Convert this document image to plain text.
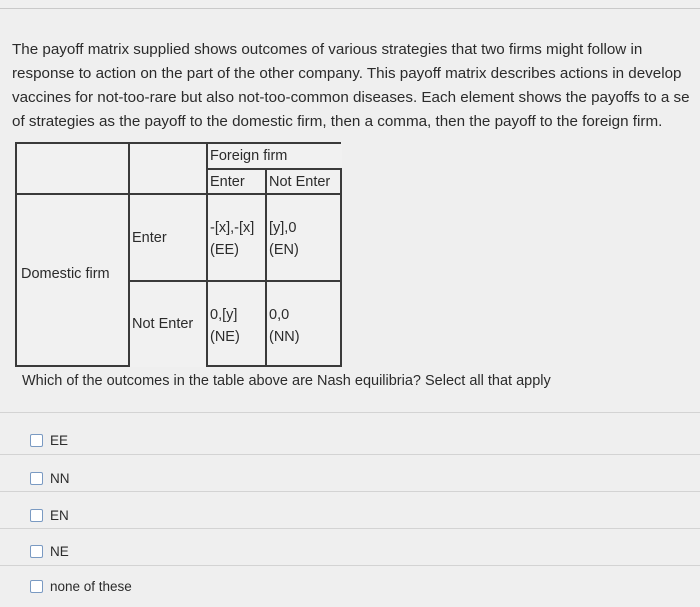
The payoff matrix supplied shows outcomes of various strategies that two firms might follow in
response to action on the part of the other company. This payoff matrix describes actions in develop
vaccines for not-too-rare but also not-too-common diseases. Each element shows the payoffs to a se
of strategies as the payoff to the domestic firm, then a comma, then the payoff to the foreign firm.
		Foreign firm	
		Enter	Not Enter
	Enter	-[x],-[x]	[y],0
		(EE)	(EN)

Domestic firm	Not Enter	0,[y]	0,0
		(NE)	(NN)
Which of the outcomes in the table above are Nash equilibria? Select all that apply
EE
NN
EN
NE
none of these
